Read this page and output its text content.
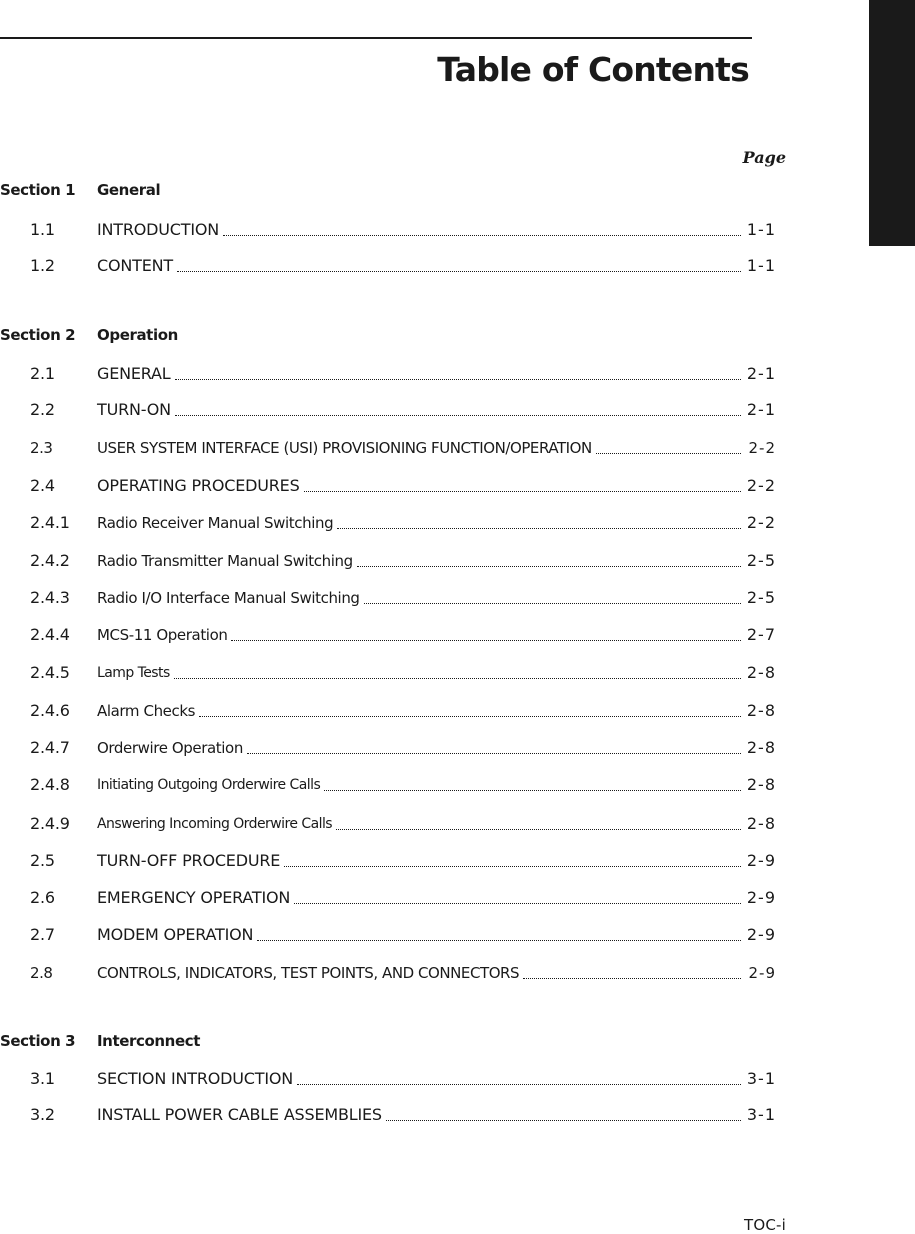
Table of Contents
Page
Section 1 General
1.1	INTRODUCTION	1-1
1.2	CONTENT	1-1
Section 2 Operation
2.1	GENERAL	2-1
2.2	TURN-ON	2-1
2.3	USER SYSTEM INTERFACE (USI) PROVISIONING FUNCTION/OPERATION	2-2
2.4	OPERATING PROCEDURES	2-2
2.4.1 Radio Receiver Manual Switching	2-2
2.4.2 Radio Transmitter Manual Switching	2-5
2.4.3 Radio I/O Interface Manual Switching	2-5
2.4.4 MCS-11 Operation	2-7
2.4.5 Lamp Tests	2-8
2.4.6 Alarm Checks	2-8
2.4.7 Orderwire Operation	2-8
2.4.8 Initiating Outgoing Orderwire Calls	2-8
2.4.9 Answering Incoming Orderwire Calls	2-8
2.5	TURN-OFF PROCEDURE	2-9
2.6	EMERGENCY OPERATION	2-9
2.7	MODEM OPERATION	2-9
2.8	CONTROLS, INDICATORS, TEST POINTS, AND CONNECTORS	2-9
Section 3 Interconnect
3.1	SECTION INTRODUCTION	3-1
3.2	INSTALL POWER CABLE ASSEMBLIES	3-1
TOC-i
